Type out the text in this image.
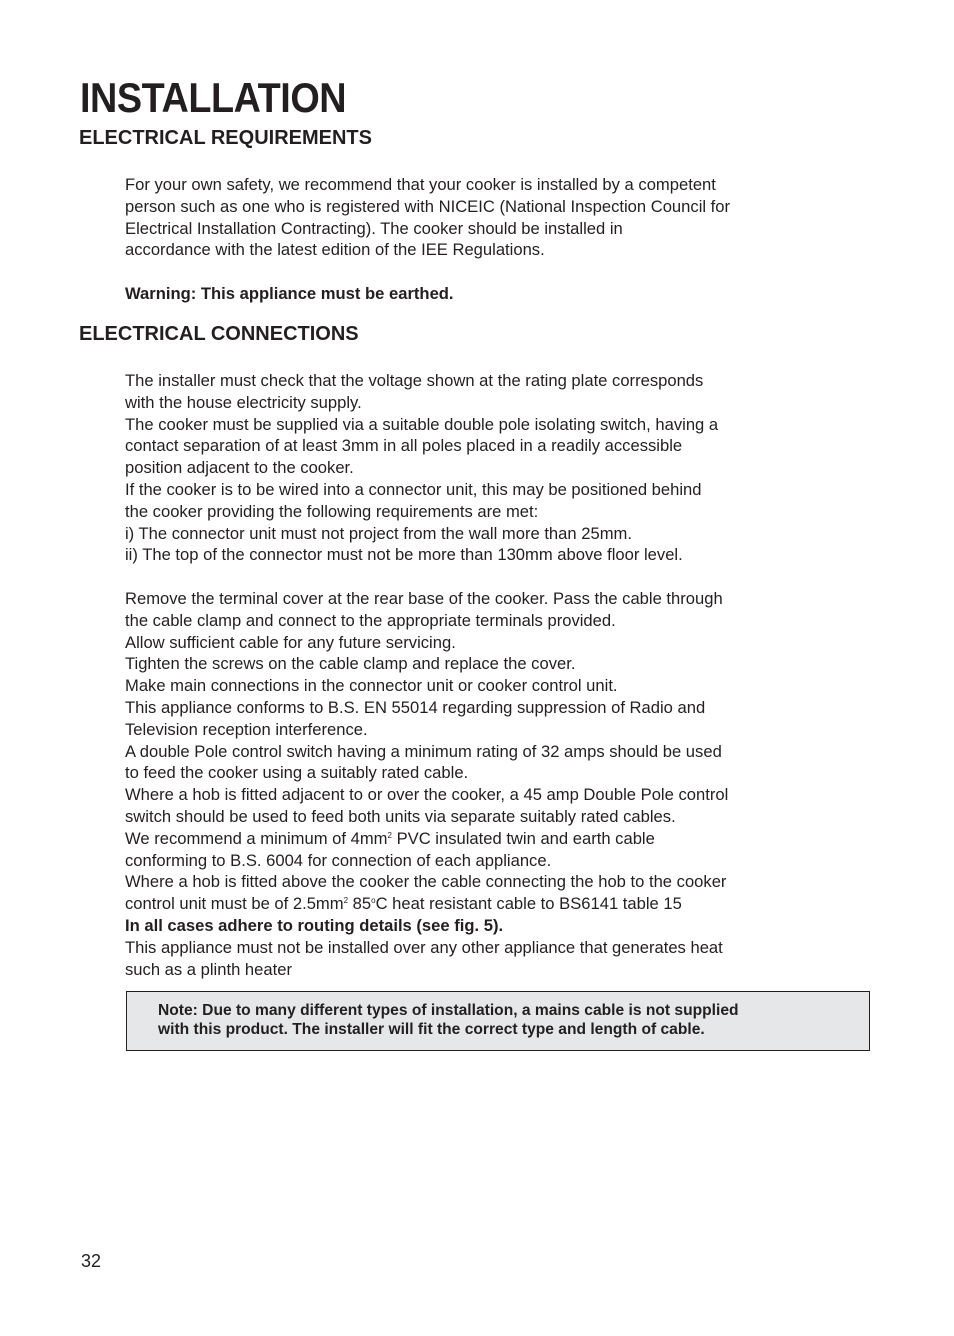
INSTALLATION
ELECTRICAL REQUIREMENTS
For your own safety, we recommend that your cooker is installed by a competent
person such as one who is registered with NICEIC (National Inspection Council for
Electrical Installation Contracting). The cooker should be installed in
accordance with the latest edition of the IEE Regulations.
Warning: This appliance must be earthed.
ELECTRICAL CONNECTIONS
The installer must check that the voltage shown at the rating plate corresponds
with the house electricity supply.
The cooker must be supplied via a suitable double pole isolating switch, having a
contact separation of at least 3mm in all poles placed in a readily accessible
position adjacent to the cooker.
If the cooker is to be wired into a connector unit, this may be positioned behind
the cooker providing the following requirements are met:
i) The connector unit must not project from the wall more than 25mm.
ii) The top of the connector must not be more than 130mm above floor level.
Remove the terminal cover at the rear base of the cooker. Pass the cable through
the cable clamp and connect to the appropriate terminals provided.
Allow sufficient cable for any future servicing.
Tighten the screws on the cable clamp and replace the cover.
Make main connections in the connector unit or cooker control unit.
This appliance conforms to B.S. EN 55014 regarding suppression of Radio and
Television reception interference.
A double Pole control switch having a minimum rating of 32 amps should be used
to feed the cooker using a suitably rated cable.
Where a hob is fitted adjacent to or over the cooker, a 45 amp Double Pole control
switch should be used to feed both units via separate suitably rated cables.
We recommend a minimum of $4mm^2$ PVC insulated twin and earth cable
conforming to B.S. 6004 for connection of each appliance.
Where a hob is fitted above the cooker the cable connecting the hob to the cooker
control unit must be of $2.5mm^2$ 85$^o$C heat resistant cable to BS6141 table 15
In all cases adhere to routing details (see fig. 5).
This appliance must not be installed over any other appliance that generates heat
such as a plinth heater
Note: Due to many different types of installation, a mains cable is not supplied
with this product. The installer will fit the correct type and length of cable.
32
